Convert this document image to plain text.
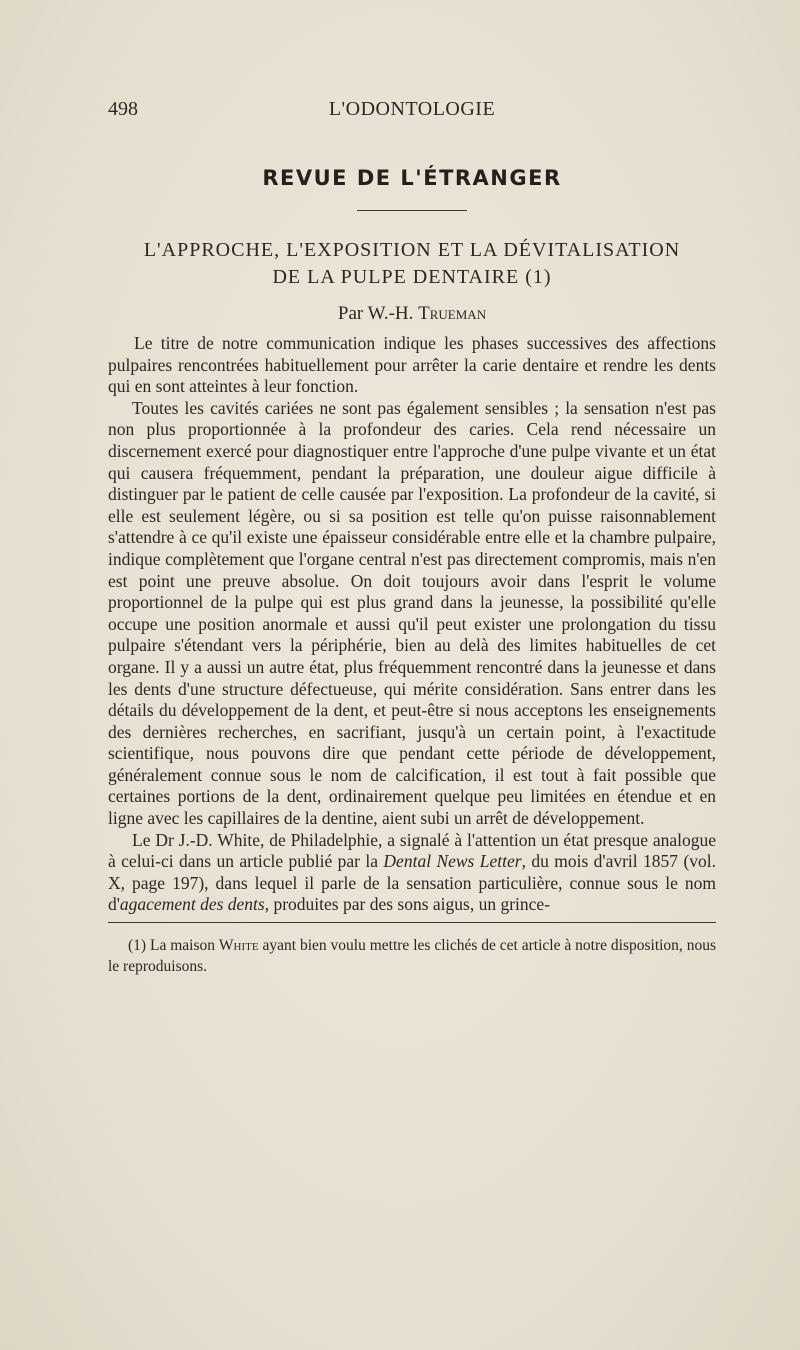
498	L'ODONTOLOGIE
REVUE DE L'ÉTRANGER
L'APPROCHE, L'EXPOSITION ET LA DÉVITALISATION
DE LA PULPE DENTAIRE (1)
Par W.-H. Trueman

Le titre de notre communication indique les phases successives des affections pulpaires rencontrées habituellement pour arrêter la carie dentaire et rendre les dents qui en sont atteintes à leur fonction.

Toutes les cavités cariées ne sont pas également sensibles ; la sensation n'est pas non plus proportionnée à la profondeur des caries. Cela rend nécessaire un discernement exercé pour diagnostiquer entre l'approche d'une pulpe vivante et un état qui causera fréquemment, pendant la préparation, une douleur aigue difficile à distinguer par le patient de celle causée par l'exposition. La profondeur de la cavité, si elle est seulement légère, ou si sa position est telle qu'on puisse raisonnablement s'attendre à ce qu'il existe une épaisseur considérable entre elle et la chambre pulpaire, indique complètement que l'organe central n'est pas directement compromis, mais n'en est point une preuve absolue. On doit toujours avoir dans l'esprit le volume proportionnel de la pulpe qui est plus grand dans la jeunesse, la possibilité qu'elle occupe une position anormale et aussi qu'il peut exister une prolongation du tissu pulpaire s'étendant vers la périphérie, bien au delà des limites habituelles de cet organe. Il y a aussi un autre état, plus fréquemment rencontré dans la jeunesse et dans les dents d'une structure défectueuse, qui mérite considération. Sans entrer dans les détails du développement de la dent, et peut-être si nous acceptons les enseignements des dernières recherches, en sacrifiant, jusqu'à un certain point, à l'exactitude scientifique, nous pouvons dire que pendant cette période de développement, généralement connue sous le nom de calcification, il est tout à fait possible que certaines portions de la dent, ordinairement quelque peu limitées en étendue et en ligne avec les capillaires de la dentine, aient subi un arrêt de développement.

Le Dr J.-D. White, de Philadelphie, a signalé à l'attention un état presque analogue à celui-ci dans un article publié par la Dental News Letter, du mois d'avril 1857 (vol. X, page 197), dans lequel il parle de la sensation particulière, connue sous le nom d'agacement des dents, produites par des sons aigus, un grince-

(1) La maison White ayant bien voulu mettre les clichés de cet article à notre disposition, nous le reproduisons.
